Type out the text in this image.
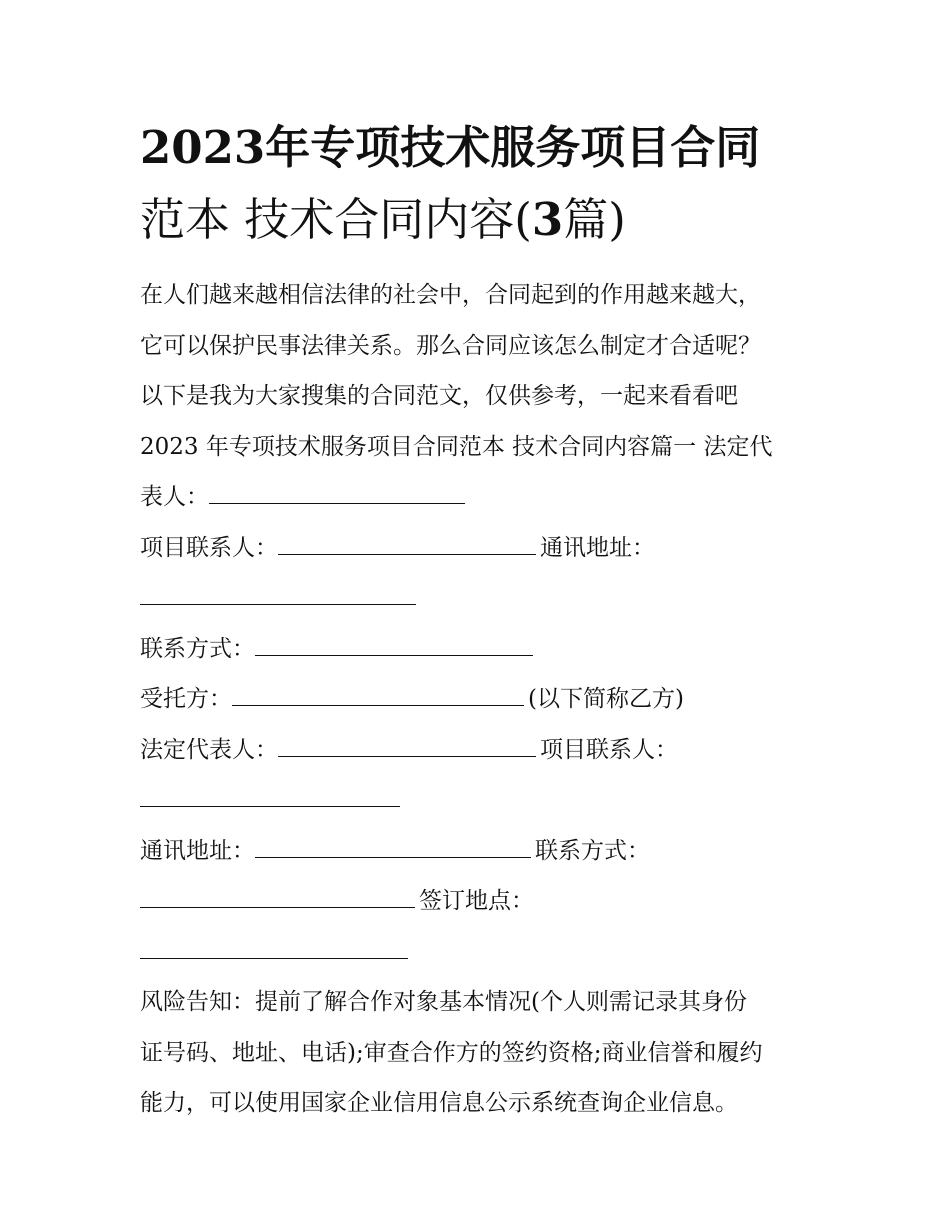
2023年专项技术服务项目合同
范本 技术合同内容(3篇)
在人们越来越相信法律的社会中，合同起到的作用越来越大，
它可以保护民事法律关系。那么合同应该怎么制定才合适呢？
以下是我为大家搜集的合同范文，仅供参考，一起来看看吧
2023 年专项技术服务项目合同范本 技术合同内容篇一 法定代
表人：
项目联系人：	通讯地址：
联系方式：
受托方：	(以下简称乙方)
法定代表人：	项目联系人：
通讯地址：	联系方式：
签订地点：
风险告知：提前了解合作对象基本情况(个人则需记录其身份
证号码、地址、电话);审查合作方的签约资格;商业信誉和履约
能力，可以使用国家企业信用信息公示系统查询企业信息。
